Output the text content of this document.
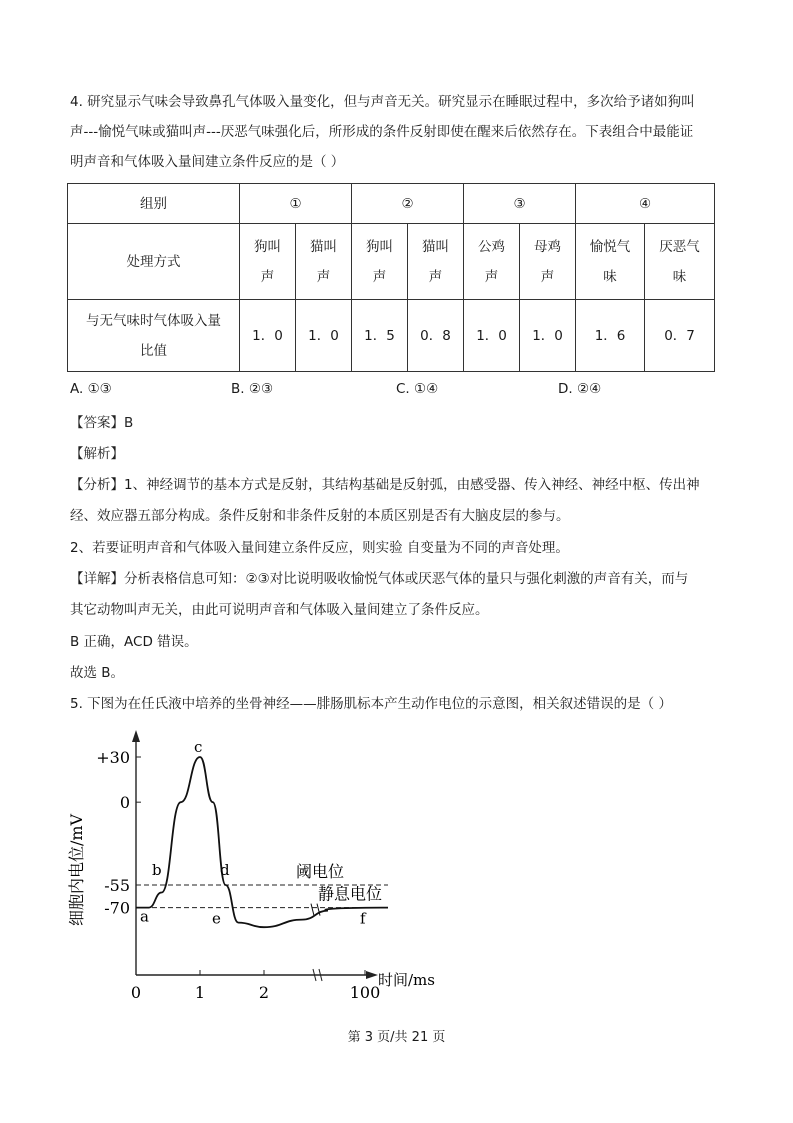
4. 研究显示气味会导致鼻孔气体吸入量变化，但与声音无关。研究显示在睡眠过程中，多次给予诸如狗叫
声---愉悦气味或猫叫声---厌恶气味强化后，所形成的条件反射即使在醒来后依然存在。下表组合中最能证
明声音和气体吸入量间建立条件反应的是（ ）
组别	①		②		③		④	
处理方式	狗叫声	猫叫声	狗叫声	猫叫声	公鸡声	母鸡声	愉悦气味	厌恶气味

与无气味时气体吸入量比值	1．0	1．0	1．5	0．8	1．0	1．0	1．6	0．7
A. ①③	B. ②③	C. ①④	D. ②④
【答案】B
【解析】
【分析】1、神经调节的基本方式是反射，其结构基础是反射弧，由感受器、传入神经、神经中枢、传出神
经、效应器五部分构成。条件反射和非条件反射的本质区别是否有大脑皮层的参与。
2、若要证明声音和气体吸入量间建立条件反应，则实验 自变量为不同的声音处理。
【详解】分析表格信息可知：②③对比说明吸收愉悦气体或厌恶气体的量只与强化刺激的声音有关，而与
其它动物叫声无关，由此可说明声音和气体吸入量间建立了条件反应。
B 正确，ACD 错误。
故选 B。
5. 下图为在任氏液中培养的坐骨神经——腓肠肌标本产生动作电位的示意图，相关叙述错误的是（ ）
+30
0
-55
-70
0	1	2	100
时间/ms
细胞内电位/mV	阈电位
静息电位
a
b
c
d
e	f
第 3 页/共 21 页
